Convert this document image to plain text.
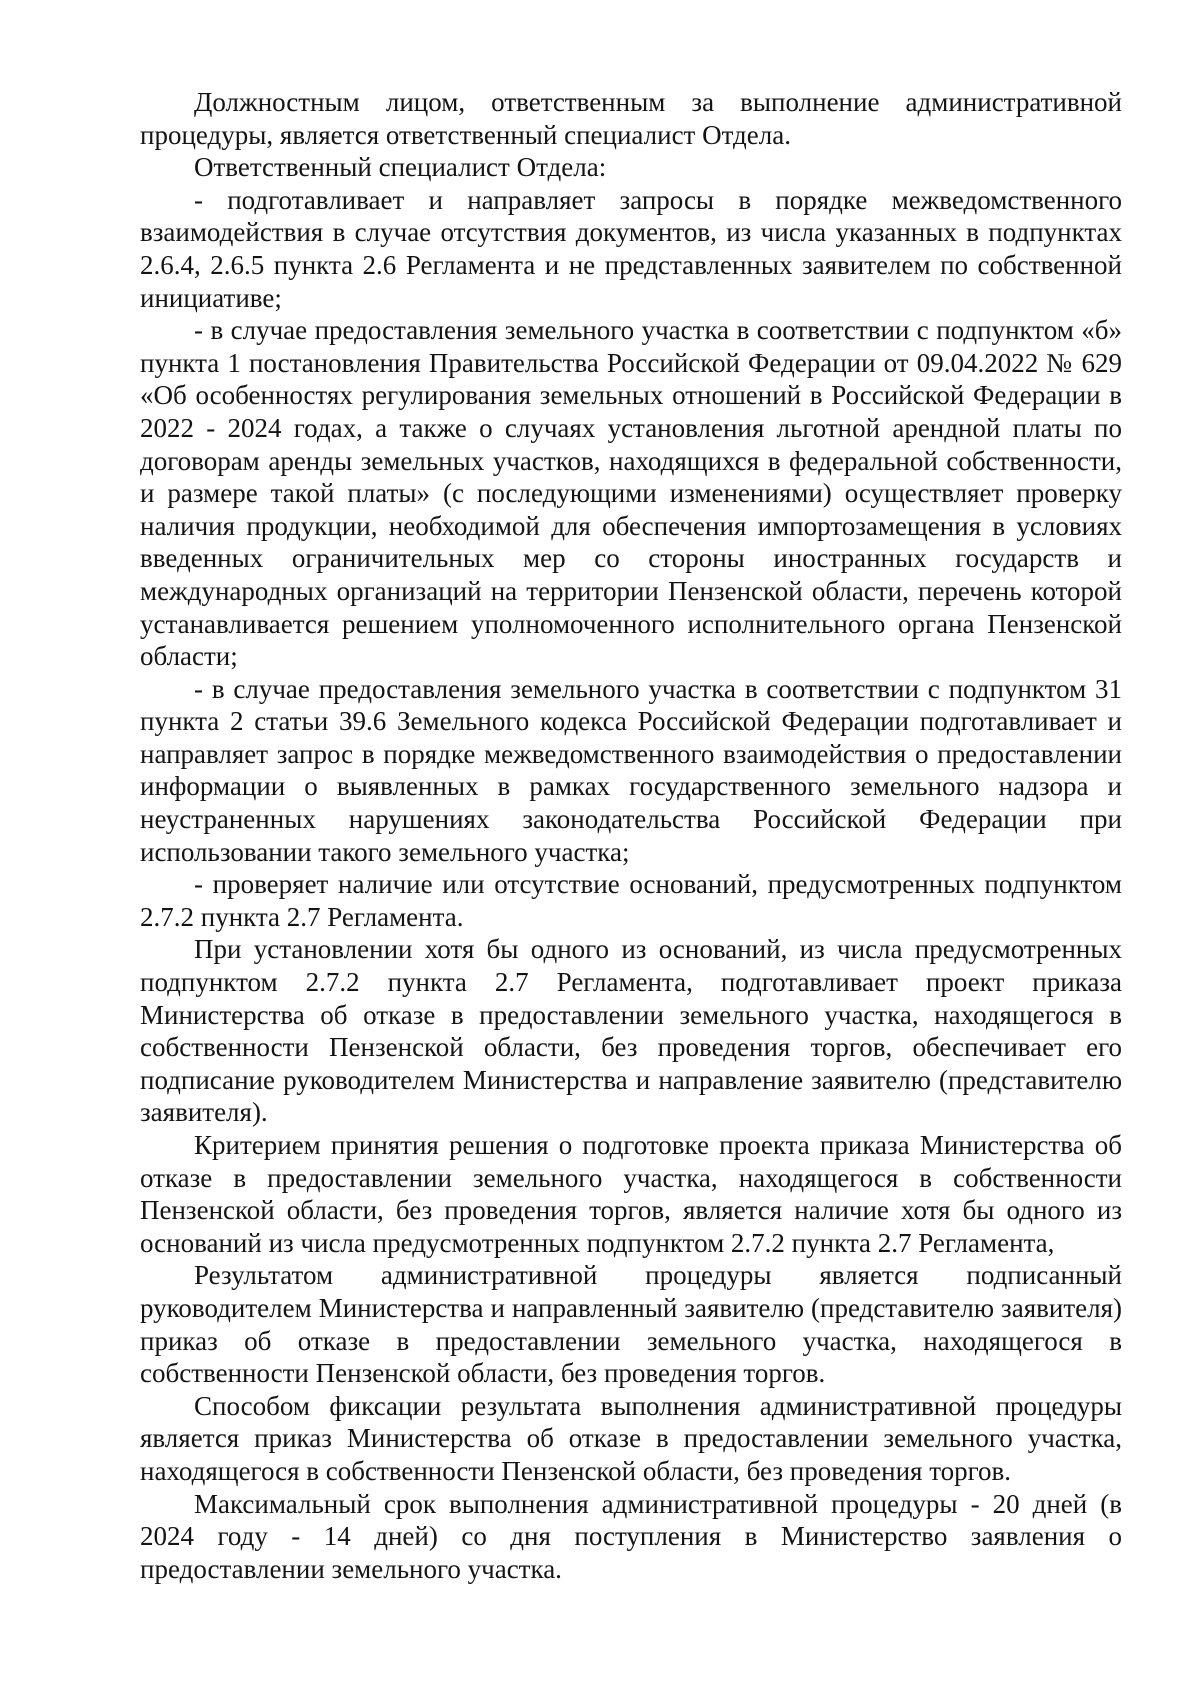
Должностным лицом, ответственным за выполнение административной процедуры, является ответственный специалист Отдела.

Ответственный специалист Отдела:

- подготавливает и направляет запросы в порядке межведомственного взаимодействия в случае отсутствия документов, из числа указанных в подпунктах 2.6.4, 2.6.5 пункта 2.6 Регламента и не представленных заявителем по собственной инициативе;

- в случае предоставления земельного участка в соответствии с подпунктом «б» пункта 1 постановления Правительства Российской Федерации от 09.04.2022 № 629 «Об особенностях регулирования земельных отношений в Российской Федерации в 2022 - 2024 годах, а также о случаях установления льготной арендной платы по договорам аренды земельных участков, находящихся в федеральной собственности, и размере такой платы» (с последующими изменениями) осуществляет проверку наличия продукции, необходимой для обеспечения импортозамещения в условиях введенных ограничительных мер со стороны иностранных государств и международных организаций на территории Пензенской области, перечень которой устанавливается решением уполномоченного исполнительного органа Пензенской области;

- в случае предоставления земельного участка в соответствии с подпунктом 31 пункта 2 статьи 39.6 Земельного кодекса Российской Федерации подготавливает и направляет запрос в порядке межведомственного взаимодействия о предоставлении информации о выявленных в рамках государственного земельного надзора и неустраненных нарушениях законодательства Российской Федерации при использовании такого земельного участка;

- проверяет наличие или отсутствие оснований, предусмотренных подпунктом 2.7.2 пункта 2.7 Регламента.

При установлении хотя бы одного из оснований, из числа предусмотренных подпунктом 2.7.2 пункта 2.7 Регламента, подготавливает проект приказа Министерства об отказе в предоставлении земельного участка, находящегося в собственности Пензенской области, без проведения торгов, обеспечивает его подписание руководителем Министерства и направление заявителю (представителю заявителя).

Критерием принятия решения о подготовке проекта приказа Министерства об отказе в предоставлении земельного участка, находящегося в собственности Пензенской области, без проведения торгов, является наличие хотя бы одного из оснований из числа предусмотренных подпунктом 2.7.2 пункта 2.7 Регламента,

Результатом административной процедуры является подписанный руководителем Министерства и направленный заявителю (представителю заявителя) приказ об отказе в предоставлении земельного участка, находящегося в собственности Пензенской области, без проведения торгов.

Способом фиксации результата выполнения административной процедуры является приказ Министерства об отказе в предоставлении земельного участка, находящегося в собственности Пензенской области, без проведения торгов.

Максимальный срок выполнения административной процедуры - 20 дней (в 2024 году - 14 дней) со дня поступления в Министерство заявления о предоставлении земельного участка.
